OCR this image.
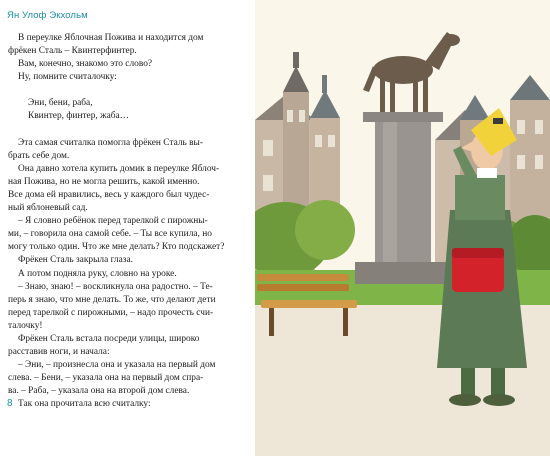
Ян Улоф Экхольм
В переулке Яблочная Пожива и находится дом
фрёкен Сталь – Квинтерфинтер.
Вам, конечно, знакомо это слово?
Ну, помните считалочку:
Эни, бени, раба,
Квинтер, финтер, жаба…
Эта самая считалка помогла фрёкен Сталь вы-
брать себе дом.
Она давно хотела купить домик в переулке Яблоч-
ная Пожива, но не могла решить, какой именно.
Все дома ей нравились, весь у каждого был чудес-
ный яблоневый сад.
– Я словно ребёнок перед тарелкой с пирожны-
ми, – говорила она самой себе. – Ты все купила, но
могу только один. Что же мне делать? Кто подскажет?
Фрёкен Сталь закрыла глаза.
А потом подняла руку, словно на уроке.
– Знаю, знаю! – воскликнула она радостно. – Те-
перь я знаю, что мне делать. То же, что делают дети
перед тарелкой с пирожными, – надо прочесть счи-
талочку!
Фрёкен Сталь встала посреди улицы, широко
расставив ноги, и начала:
– Эни, – произнесла она и указала на первый дом
слева. – Бени, – указала она на первый дом спра-
ва. – Раба, – указала она на второй дом слева.
Так она прочитала всю считалку:
8
